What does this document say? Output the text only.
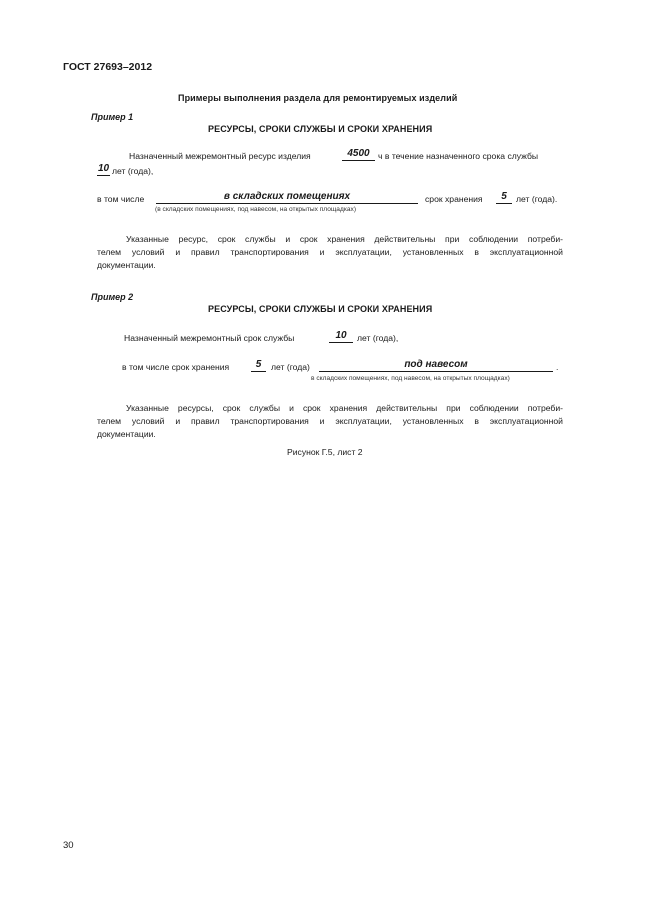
ГОСТ 27693–2012
Примеры выполнения раздела для ремонтируемых изделий
Пример 1
РЕСУРСЫ, СРОКИ СЛУЖБЫ И СРОКИ ХРАНЕНИЯ
Назначенный межремонтный ресурс изделия	4500 ч в течение назначенного срока службы
10 лет (года),
в том числе	в складских помещениях	срок хранения	5	лет (года).
(в складских помещениях, под навесом, на открытых площадках)
Указанные ресурс, срок службы и срок хранения действительны при соблюдении потреби-
телем условий и правил транспортирования и эксплуатации, установленных в эксплуатационной
документации.
Пример 2
РЕСУРСЫ, СРОКИ СЛУЖБЫ И СРОКИ ХРАНЕНИЯ
Назначенный межремонтный срок службы	10	лет (года),
в том числе срок хранения	5	лет (года)	под навесом	.
в складских помещениях, под навесом, на открытых площадках)
Указанные ресурсы, срок службы и срок хранения действительны при соблюдении потреби-
телем условий и правил транспортирования и эксплуатации, установленных в эксплуатационной
документации.
Рисунок Г.5, лист 2
30
